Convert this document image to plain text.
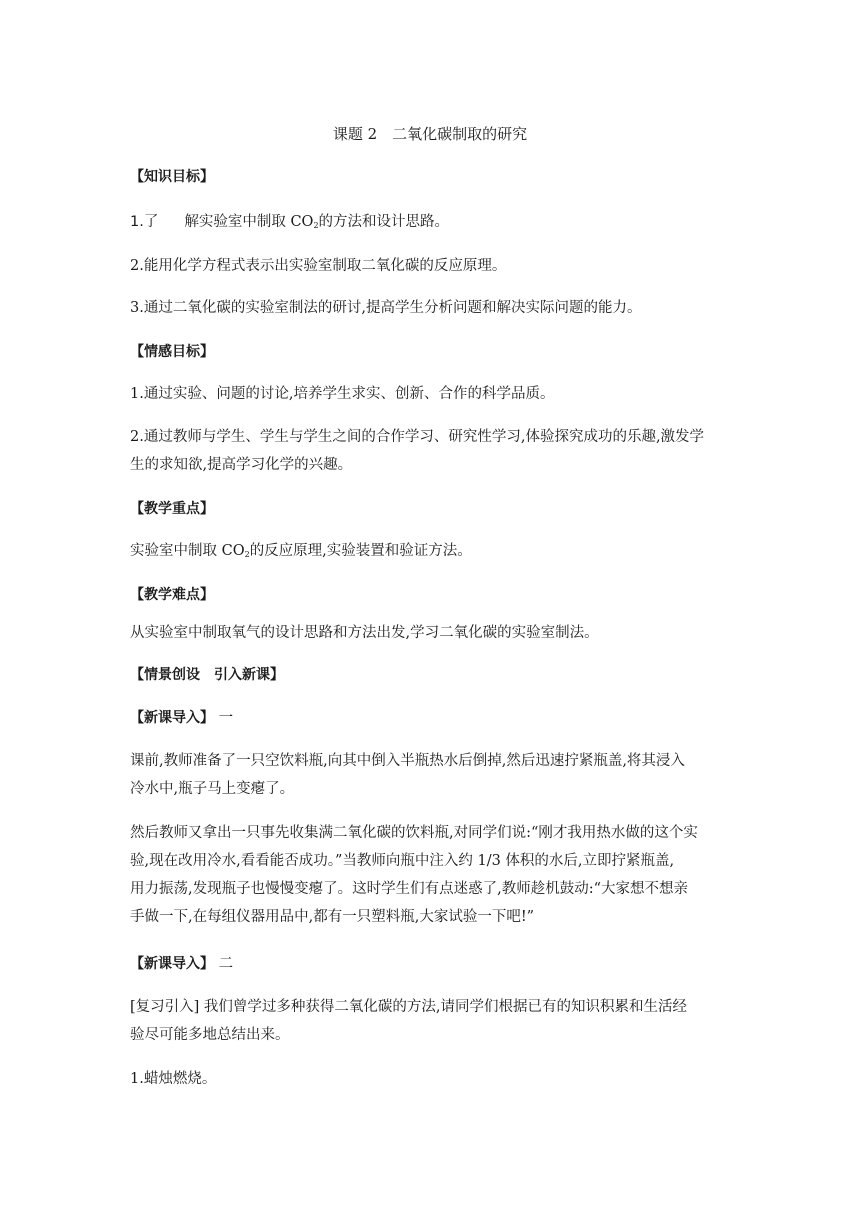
课题 2　二氧化碳制取的研究
【知识目标】
1.了 解实验室中制取 $CO_2$的方法和设计思路。
2.能用化学方程式表示出实验室制取二氧化碳的反应原理。
3.通过二氧化碳的实验室制法的研讨,提高学生分析问题和解决实际问题的能力。
【情感目标】
1.通过实验、问题的讨论,培养学生求实、创新、合作的科学品质。
2.通过教师与学生、学生与学生之间的合作学习、研究性学习,体验探究成功的乐趣,激发学
生的求知欲,提高学习化学的兴趣。
【教学重点】
实验室中制取 $CO_2$的反应原理,实验装置和验证方法。
【教学难点】
从实验室中制取氧气的设计思路和方法出发,学习二氧化碳的实验室制法。
【情景创设　引入新课】
【新课导入】 一
课前,教师准备了一只空饮料瓶,向其中倒入半瓶热水后倒掉,然后迅速拧紧瓶盖,将其浸入
冷水中,瓶子马上变瘪了。
然后教师又拿出一只事先收集满二氧化碳的饮料瓶,对同学们说:“刚才我用热水做的这个实
验,现在改用冷水,看看能否成功。”当教师向瓶中注入约 1/3 体积的水后,立即拧紧瓶盖,
用力振荡,发现瓶子也慢慢变瘪了。这时学生们有点迷惑了,教师趁机鼓动:“大家想不想亲
手做一下,在每组仪器用品中,都有一只塑料瓶,大家试验一下吧!”
【新课导入】 二
[复习引入] 我们曾学过多种获得二氧化碳的方法,请同学们根据已有的知识积累和生活经
验尽可能多地总结出来。
1.蜡烛燃烧。
